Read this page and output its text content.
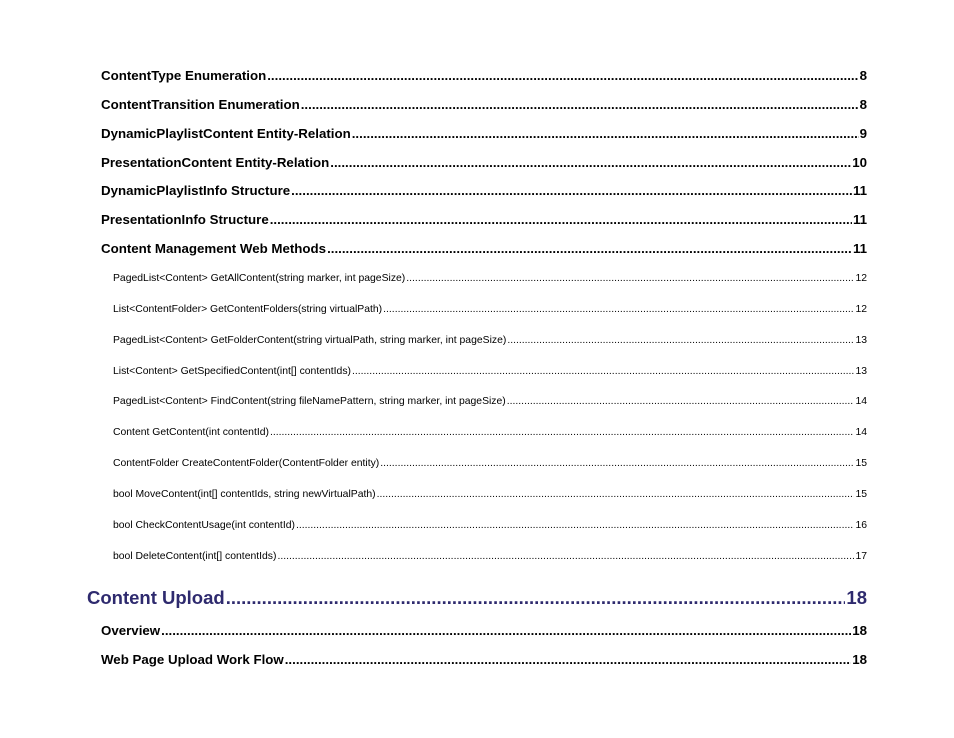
ContentType Enumeration .....	8
ContentTransition Enumeration .....	8
DynamicPlaylistContent Entity-Relation .....	9
PresentationContent Entity-Relation .....	10
DynamicPlaylistInfo Structure .....	11
PresentationInfo Structure .....	11
Content Management Web Methods .....	11
PagedList<Content> GetAllContent(string marker, int pageSize) .....	12
List<ContentFolder> GetContentFolders(string virtualPath) .....	12
PagedList<Content> GetFolderContent(string virtualPath, string marker, int pageSize) .....	13
List<Content> GetSpecifiedContent(int[] contentIds) .....	13
PagedList<Content> FindContent(string fileNamePattern, string marker, int pageSize) .....	14
Content GetContent(int contentId) .....	14
ContentFolder CreateContentFolder(ContentFolder entity) .....	15
bool MoveContent(int[] contentIds, string newVirtualPath) .....	15
bool CheckContentUsage(int contentId) .....	16
bool DeleteContent(int[] contentIds) .....	17
Content Upload .....	18
Overview .....	18
Web Page Upload Work Flow .....	18
